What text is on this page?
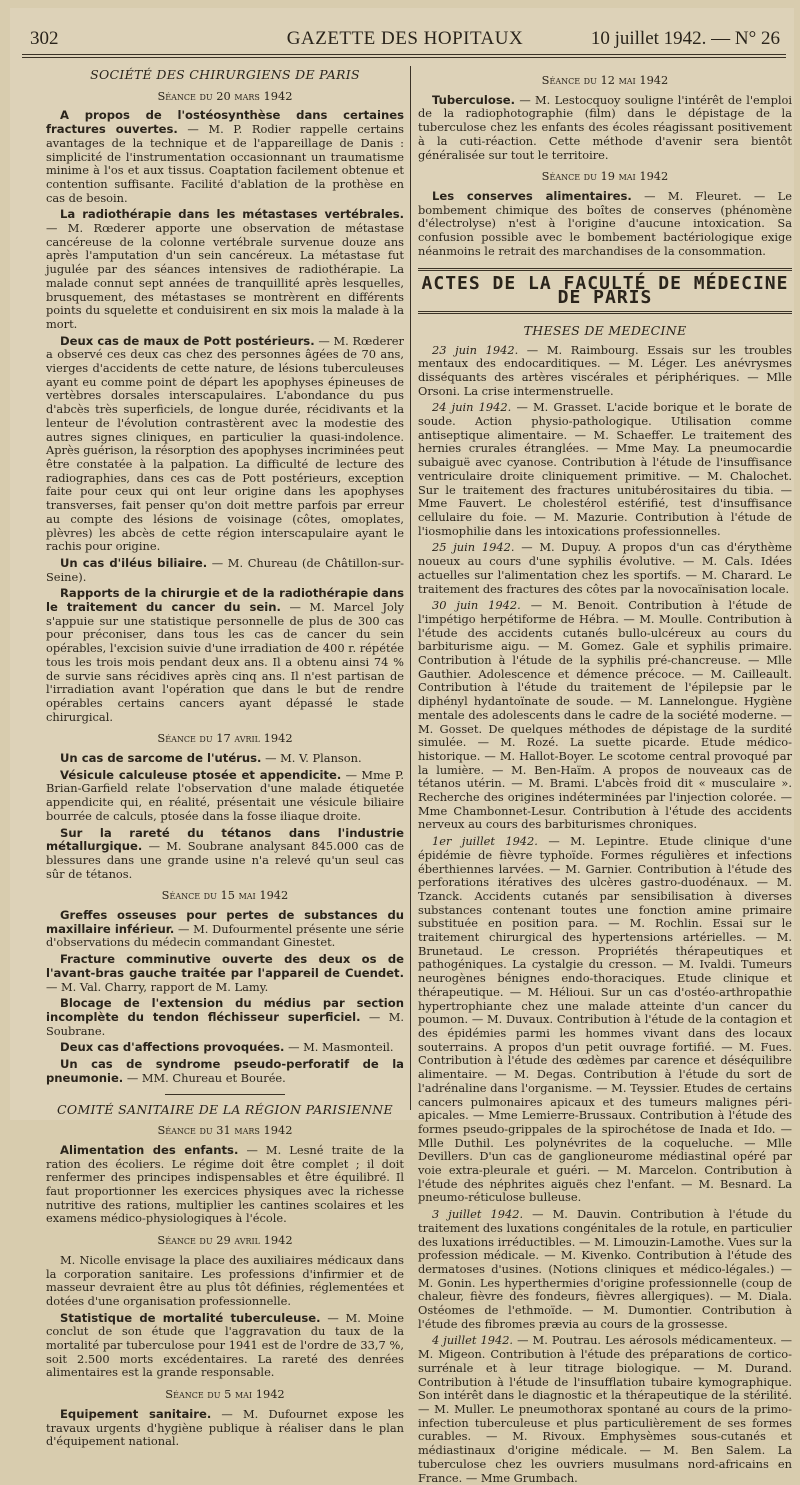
302	GAZETTE DES HOPITAUX	10 juillet 1942. — N° 26
SOCIÉTÉ DES CHIRURGIENS DE PARIS
Séance du 20 mars 1942

A propos de l'ostéosynthèse dans certaines fractures ouvertes. — M. P. Rodier rappelle certains avantages de la technique et de l'appareillage de Danis : simplicité de l'instrumentation occasionnant un traumatisme minime à l'os et aux tissus. Coaptation facilement obtenue et contention suffisante. Facilité d'ablation de la prothèse en cas de besoin.

La radiothérapie dans les métastases vertébrales. — M. Rœderer apporte une observation de métastase cancéreuse de la colonne vertébrale survenue douze ans après l'amputation d'un sein cancéreux. La métastase fut jugulée par des séances intensives de radiothérapie. La malade connut sept années de tranquillité après lesquelles, brusquement, des métastases se montrèrent en différents points du squelette et conduisirent en six mois la malade à la mort.

Deux cas de maux de Pott postérieurs. — M. Rœderer a observé ces deux cas chez des personnes âgées de 70 ans, vierges d'accidents de cette nature, de lésions tuberculeuses ayant eu comme point de départ les apophyses épineuses de vertèbres dorsales interscapulaires. L'abondance du pus d'abcès très superficiels, de longue durée, récidivants et la lenteur de l'évolution contrastèrent avec la modestie des autres signes cliniques, en particulier la quasi-indolence. Après guérison, la résorption des apophyses incriminées peut être constatée à la palpation. La difficulté de lecture des radiographies, dans ces cas de Pott postérieurs, exception faite pour ceux qui ont leur origine dans les apophyses transverses, fait penser qu'on doit mettre parfois par erreur au compte des lésions de voisinage (côtes, omoplates, plèvres) les abcès de cette région interscapulaire ayant le rachis pour origine.

Un cas d'iléus biliaire. — M. Chureau (de Châtillon-sur-Seine).

Rapports de la chirurgie et de la radiothérapie dans le traitement du cancer du sein. — M. Marcel Joly s'appuie sur une statistique personnelle de plus de 300 cas pour préconiser, dans tous les cas de cancer du sein opérables, l'excision suivie d'une irradiation de 400 r. répétée tous les trois mois pendant deux ans. Il a obtenu ainsi 74 % de survie sans récidives après cinq ans. Il n'est partisan de l'irradiation avant l'opération que dans le but de rendre opérables certains cancers ayant dépassé le stade chirurgical.

Séance du 17 avril 1942

Un cas de sarcome de l'utérus. — M. V. Planson.

Vésicule calculeuse ptosée et appendicite. — Mme P. Brian-Garfield relate l'observation d'une malade étiquetée appendicite qui, en réalité, présentait une vésicule biliaire bourrée de calculs, ptosée dans la fosse iliaque droite.

Sur la rareté du tétanos dans l'industrie métallurgique. — M. Soubrane analysant 845.000 cas de blessures dans une grande usine n'a relevé qu'un seul cas sûr de tétanos.

Séance du 15 mai 1942

Greffes osseuses pour pertes de substances du maxillaire inférieur. — M. Dufourmentel présente une série d'observations du médecin commandant Ginestet.

Fracture comminutive ouverte des deux os de l'avant-bras gauche traitée par l'appareil de Cuendet. — M. Val. Charry, rapport de M. Lamy.

Blocage de l'extension du médius par section incomplète du tendon fléchisseur superficiel. — M. Soubrane.

Deux cas d'affections provoquées. — M. Masmonteil.

Un cas de syndrome pseudo-perforatif de la pneumonie. — MM. Chureau et Bourée.

COMITÉ SANITAIRE DE LA RÉGION PARISIENNE
Séance du 31 mars 1942

Alimentation des enfants. — M. Lesné traite de la ration des écoliers. Le régime doit être complet ; il doit renfermer des principes indispensables et être équilibré. Il faut proportionner les exercices physiques avec la richesse nutritive des rations, multiplier les cantines scolaires et les examens médico-physiologiques à l'école.

Séance du 29 avril 1942

M. Nicolle envisage la place des auxiliaires médicaux dans la corporation sanitaire. Les professions d'infirmier et de masseur devraient être au plus tôt définies, réglementées et dotées d'une organisation professionnelle.

Statistique de mortalité tuberculeuse. — M. Moine conclut de son étude que l'aggravation du taux de la mortalité par tuberculose pour 1941 est de l'ordre de 33,7 %, soit 2.500 morts excédentaires. La rareté des denrées alimentaires est la grande responsable.

Séance du 5 mai 1942

Equipement sanitaire. — M. Dufournet expose les travaux urgents d'hygiène publique à réaliser dans le plan d'équipement national.

Séance du 12 mai 1942

Tuberculose. — M. Lestocquoy souligne l'intérêt de l'emploi de la radiophotographie (film) dans le dépistage de la tuberculose chez les enfants des écoles réagissant positivement à la cuti-réaction. Cette méthode d'avenir sera bientôt généralisée sur tout le territoire.

Séance du 19 mai 1942

Les conserves alimentaires. — M. Fleuret. — Le bombement chimique des boîtes de conserves (phénomène d'électrolyse) n'est à l'origine d'aucune intoxication. Sa confusion possible avec le bombement bactériologique exige néanmoins le retrait des marchandises de la consommation.

ACTES DE LA FACULTÉ DE MÉDECINE DE PARIS
THESES DE MEDECINE

23 juin 1942. — M. Raimbourg. Essais sur les troubles mentaux des endocarditiques. — M. Léger. Les anévrysmes disséquants des artères viscérales et périphériques. — Mlle Orsoni. La crise intermenstruelle.

24 juin 1942. — M. Grasset. L'acide borique et le borate de soude. Action physio-pathologique. Utilisation comme antiseptique alimentaire. — M. Schaeffer. Le traitement des hernies crurales étranglées. — Mme May. La pneumocardie subaiguë avec cyanose. Contribution à l'étude de l'insuffisance ventriculaire droite cliniquement primitive. — M. Chalochet. Sur le traitement des fractures unitubérositaires du tibia. — Mme Fauvert. Le cholestérol estérifié, test d'insuffisance cellulaire du foie. — M. Mazurie. Contribution à l'étude de l'iosmophilie dans les intoxications professionnelles.

25 juin 1942. — M. Dupuy. A propos d'un cas d'érythème noueux au cours d'une syphilis évolutive. — M. Cals. Idées actuelles sur l'alimentation chez les sportifs. — M. Charard. Le traitement des fractures des côtes par la novocaïnisation locale.

30 juin 1942. — M. Benoit. Contribution à l'étude de l'impétigo herpétiforme de Hébra. — M. Moulle. Contribution à l'étude des accidents cutanés bullo-ulcéreux au cours du barbiturisme aigu. — M. Gomez. Gale et syphilis primaire. Contribution à l'étude de la syphilis pré-chancreuse. — Mlle Gauthier. Adolescence et démence précoce. — M. Cailleault. Contribution à l'étude du traitement de l'épilepsie par le diphényl hydantoïnate de soude. — M. Lannelongue. Hygiène mentale des adolescents dans le cadre de la société moderne. — M. Gosset. De quelques méthodes de dépistage de la surdité simulée. — M. Rozé. La suette picarde. Etude médico-historique. — M. Hallot-Boyer. Le scotome central provoqué par la lumière. — M. Ben-Haïm. A propos de nouveaux cas de tétanos utérin. — M. Brami. L'abcès froid dit « musculaire ». Recherche des origines indéterminées par l'injection colorée. — Mme Chambonnet-Lesur. Contribution à l'étude des accidents nerveux au cours des barbiturismes chroniques.

1er juillet 1942. — M. Lepintre. Etude clinique d'une épidémie de fièvre typhoïde. Formes régulières et infections éberthiennes larvées. — M. Garnier. Contribution à l'étude des perforations itératives des ulcères gastro-duodénaux. — M. Tzanck. Accidents cutanés par sensibilisation à diverses substances contenant toutes une fonction amine primaire substituée en position para. — M. Rochlin. Essai sur le traitement chirurgical des hypertensions artérielles. — M. Brunetaud. Le cresson. Propriétés thérapeutiques et pathogéniques. La cystalgie du cresson. — M. Ivaldi. Tumeurs neurogènes bénignes endo-thoraciques. Etude clinique et thérapeutique. — M. Hélioui. Sur un cas d'ostéo-arthropathie hypertrophiante chez une malade atteinte d'un cancer du poumon. — M. Duvaux. Contribution à l'étude de la contagion et des épidémies parmi les hommes vivant dans des locaux souterrains. A propos d'un petit ouvrage fortifié. — M. Fues. Contribution à l'étude des œdèmes par carence et déséquilibre alimentaire. — M. Degas. Contribution à l'étude du sort de l'adrénaline dans l'organisme. — M. Teyssier. Etudes de certains cancers pulmonaires apicaux et des tumeurs malignes péri-apicales. — Mme Lemierre-Brussaux. Contribution à l'étude des formes pseudo-grippales de la spirochétose de Inada et Ido. — Mlle Duthil. Les polynévrites de la coqueluche. — Mlle Devillers. D'un cas de ganglioneurome médiastinal opéré par voie extra-pleurale et guéri. — M. Marcelon. Contribution à l'étude des néphrites aiguës chez l'enfant. — M. Besnard. La pneumo-réticulose bulleuse.

3 juillet 1942. — M. Dauvin. Contribution à l'étude du traitement des luxations congénitales de la rotule, en particulier des luxations irréductibles. — M. Limouzin-Lamothe. Vues sur la profession médicale. — M. Kivenko. Contribution à l'étude des dermatoses d'usines. (Notions cliniques et médico-légales.) — M. Gonin. Les hyperthermies d'origine professionnelle (coup de chaleur, fièvre des fondeurs, fièvres allergiques). — M. Diala. Ostéomes de l'ethmoïde. — M. Dumontier. Contribution à l'étude des fibromes prævia au cours de la grossesse.

4 juillet 1942. — M. Poutrau. Les aérosols médicamenteux. — M. Migeon. Contribution à l'étude des préparations de cortico-surrénale et à leur titrage biologique. — M. Durand. Contribution à l'étude de l'insufflation tubaire kymographique. Son intérêt dans le diagnostic et la thérapeutique de la stérilité. — M. Muller. Le pneumothorax spontané au cours de la primo-infection tuberculeuse et plus particulièrement de ses formes curables. — M. Rivoux. Emphysèmes sous-cutanés et médiastinaux d'origine médicale. — M. Ben Salem. La tuberculose chez les ouvriers musulmans nord-africains en France. — Mme Grumbach.
